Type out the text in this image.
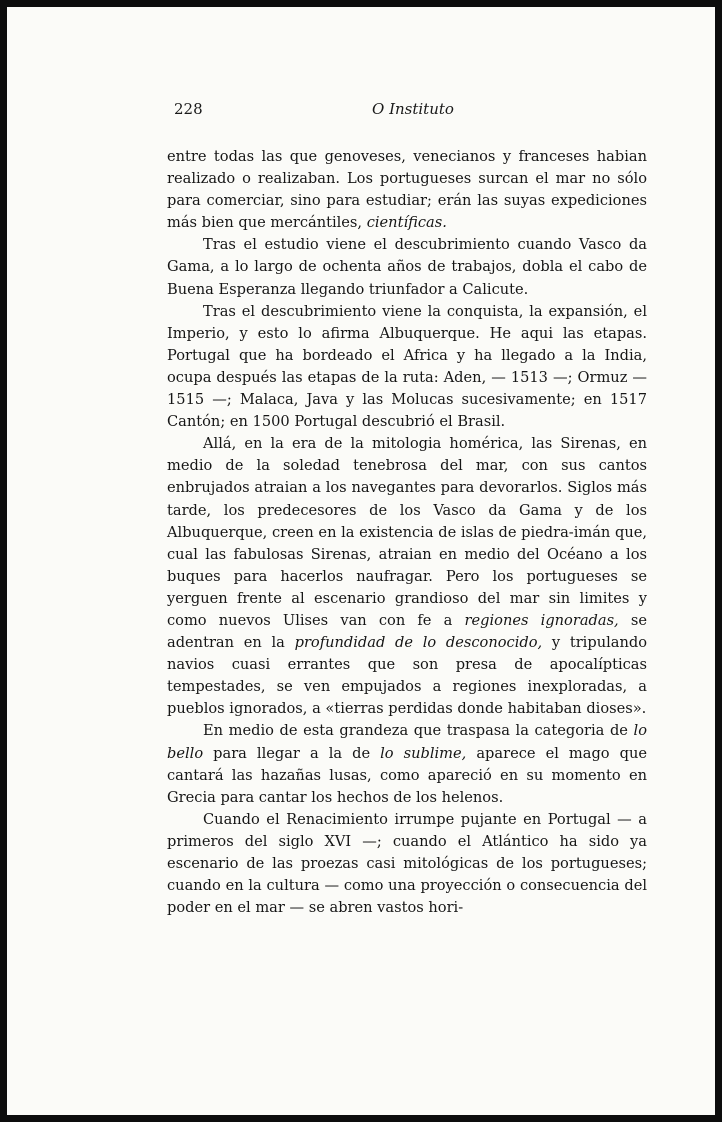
228	O Instituto

entre todas las que genoveses, venecianos y franceses habian realizado o realizaban. Los portugueses surcan el mar no sólo para comerciar, sino para estudiar; erán las suyas expediciones más bien que mercántiles, científicas.

Tras el estudio viene el descubrimiento cuando Vasco da Gama, a lo largo de ochenta años de trabajos, dobla el cabo de Buena Esperanza llegando triunfador a Calicute.

Tras el descubrimiento viene la conquista, la expansión, el Imperio, y esto lo afirma Albuquerque. He aqui las etapas. Portugal que ha bordeado el Africa y ha llegado a la India, ocupa después las etapas de la ruta: Aden, — 1513 —; Ormuz — 1515 —; Malaca, Java y las Molucas sucesivamente; en 1517 Cantón; en 1500 Portugal descubrió el Brasil.

Allá, en la era de la mitologia homérica, las Sirenas, en medio de la soledad tenebrosa del mar, con sus cantos enbrujados atraian a los navegantes para devorarlos. Siglos más tarde, los predecesores de los Vasco da Gama y de los Albuquerque, creen en la existencia de islas de piedra-imán que, cual las fabulosas Sirenas, atraian en medio del Océano a los buques para hacerlos naufragar. Pero los portugueses se yerguen frente al escenario grandioso del mar sin limites y como nuevos Ulises van con fe a regiones ignoradas, se adentran en la profundidad de lo desconocido, y tripulando navios cuasi errantes que son presa de apocalípticas tempestades, se ven empujados a regiones inexploradas, a pueblos ignorados, a «tierras perdidas donde habitaban dioses».

En medio de esta grandeza que traspasa la categoria de lo bello para llegar a la de lo sublime, aparece el mago que cantará las hazañas lusas, como apareció en su momento en Grecia para cantar los hechos de los helenos.

Cuando el Renacimiento irrumpe pujante en Portugal — a primeros del siglo XVI —; cuando el Atlántico ha sido ya escenario de las proezas casi mitológicas de los portugueses; cuando en la cultura — como una proyección o consecuencia del poder en el mar — se abren vastos hori-
